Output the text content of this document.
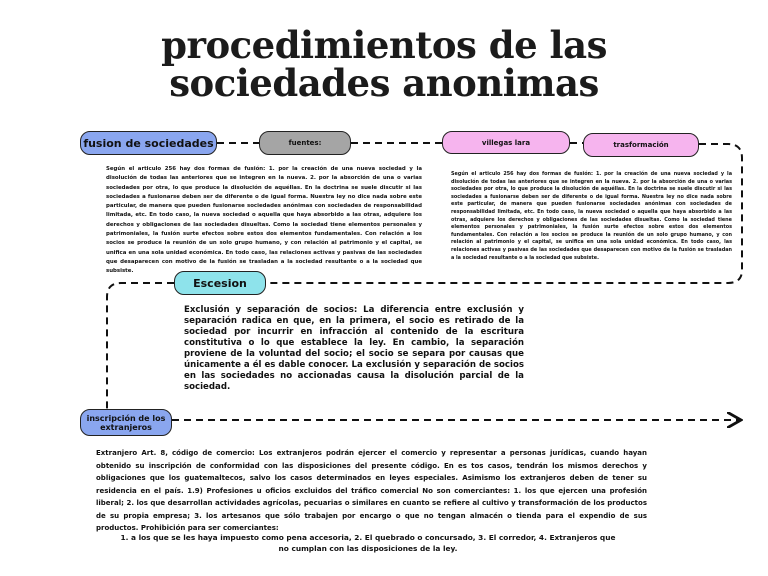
procedimientos de las
sociedades anonimas
fusion de sociedades	fuentes:	villegas lara	trasformación
Escesion
inscripción de los extranjeros
Según el articulo 256 hay dos formas de fusión: 1. por la creación de una nueva sociedad y la disolución de todas las anteriores que se integren en la nueva. 2. por la absorción de una o varias sociedades por otra, lo que produce la disolución de aquéllas. En la doctrina se suele discutir si las sociedades a fusionarse deben ser de diferente o de igual forma. Nuestra ley no dice nada sobre este particular, de manera que pueden fusionarse sociedades anónimas con sociedades de responsabilidad limitada, etc. En todo caso, la nueva sociedad o aquella que haya absorbido a las otras, adquiere los derechos y obligaciones de las sociedades disueltas. Como la sociedad tiene elementos personales y patrimoniales, la fusión surte efectos sobre estos dos elementos fundamentales. Con relación a los socios se produce la reunión de un solo grupo humano, y con relación al patrimonio y el capital, se unifica en una sola unidad económica. En todo caso, las relaciones activas y pasivas de las sociedades que desaparecen con motivo de la fusión se trasladan a la sociedad resultante o a la sociedad que subsiste.
Según el articulo 256 hay dos formas de fusión: 1. por la creación de una nueva sociedad y la disolución de todas las anteriores que se integren en la nueva. 2. por la absorción de una o varias sociedades por otra, lo que produce la disolución de aquéllas. En la doctrina se suele discutir si las sociedades a fusionarse deben ser de diferente o de igual forma. Nuestra ley no dice nada sobre este particular, de manera que pueden fusionarse sociedades anónimas con sociedades de responsabilidad limitada, etc. En todo caso, la nueva sociedad o aquella que haya absorbido a las otras, adquiere los derechos y obligaciones de las sociedades disueltas. Como la sociedad tiene elementos personales y patrimoniales, la fusión surte efectos sobre estos dos elementos fundamentales. Con relación a los socios se produce la reunión de un solo grupo humano, y con relación al patrimonio y el capital, se unifica en una sola unidad económica. En todo caso, las relaciones activas y pasivas de las sociedades que desaparecen con motivo de la fusión se trasladan a la sociedad resultante o a la sociedad que subsiste.
Exclusión y separación de socios: La diferencia entre exclusión y separación radica en que, en la primera, el socio es retirado de la sociedad por incurrir en infracción al contenido de la escritura constitutiva o lo que establece la ley. En cambio, la separación proviene de la voluntad del socio; el socio se separa por causas que únicamente a él es dable conocer. La exclusión y separación de socios en las sociedades no accionadas causa la disolución parcial de la sociedad.
Extranjero Art. 8, código de comercio: Los extranjeros podrán ejercer el comercio y representar a personas jurídicas, cuando hayan obtenido su inscripción de conformidad con las disposiciones del presente código. En es tos casos, tendrán los mismos derechos y obligaciones que los guatemaltecos, salvo los casos determinados en leyes especiales. Asimismo los extranjeros deben de tener su residencia en el país. 1.9) Profesiones u oficios excluidos del tráfico comercial No son comerciantes: 1. los que ejercen una profesión liberal; 2. los que desarrollan actividades agrícolas, pecuarias o similares en cuanto se refiere al cultivo y transformación de los productos de su propia empresa; 3. los artesanos que sólo trabajen por encargo o que no tengan almacén o tienda para el expendio de sus productos. Prohibición para ser comerciantes:
1. a los que se les haya impuesto como pena accesoria, 2. El quebrado o concursado, 3. El corredor, 4. Extranjeros que no cumplan con las disposiciones de la ley.
